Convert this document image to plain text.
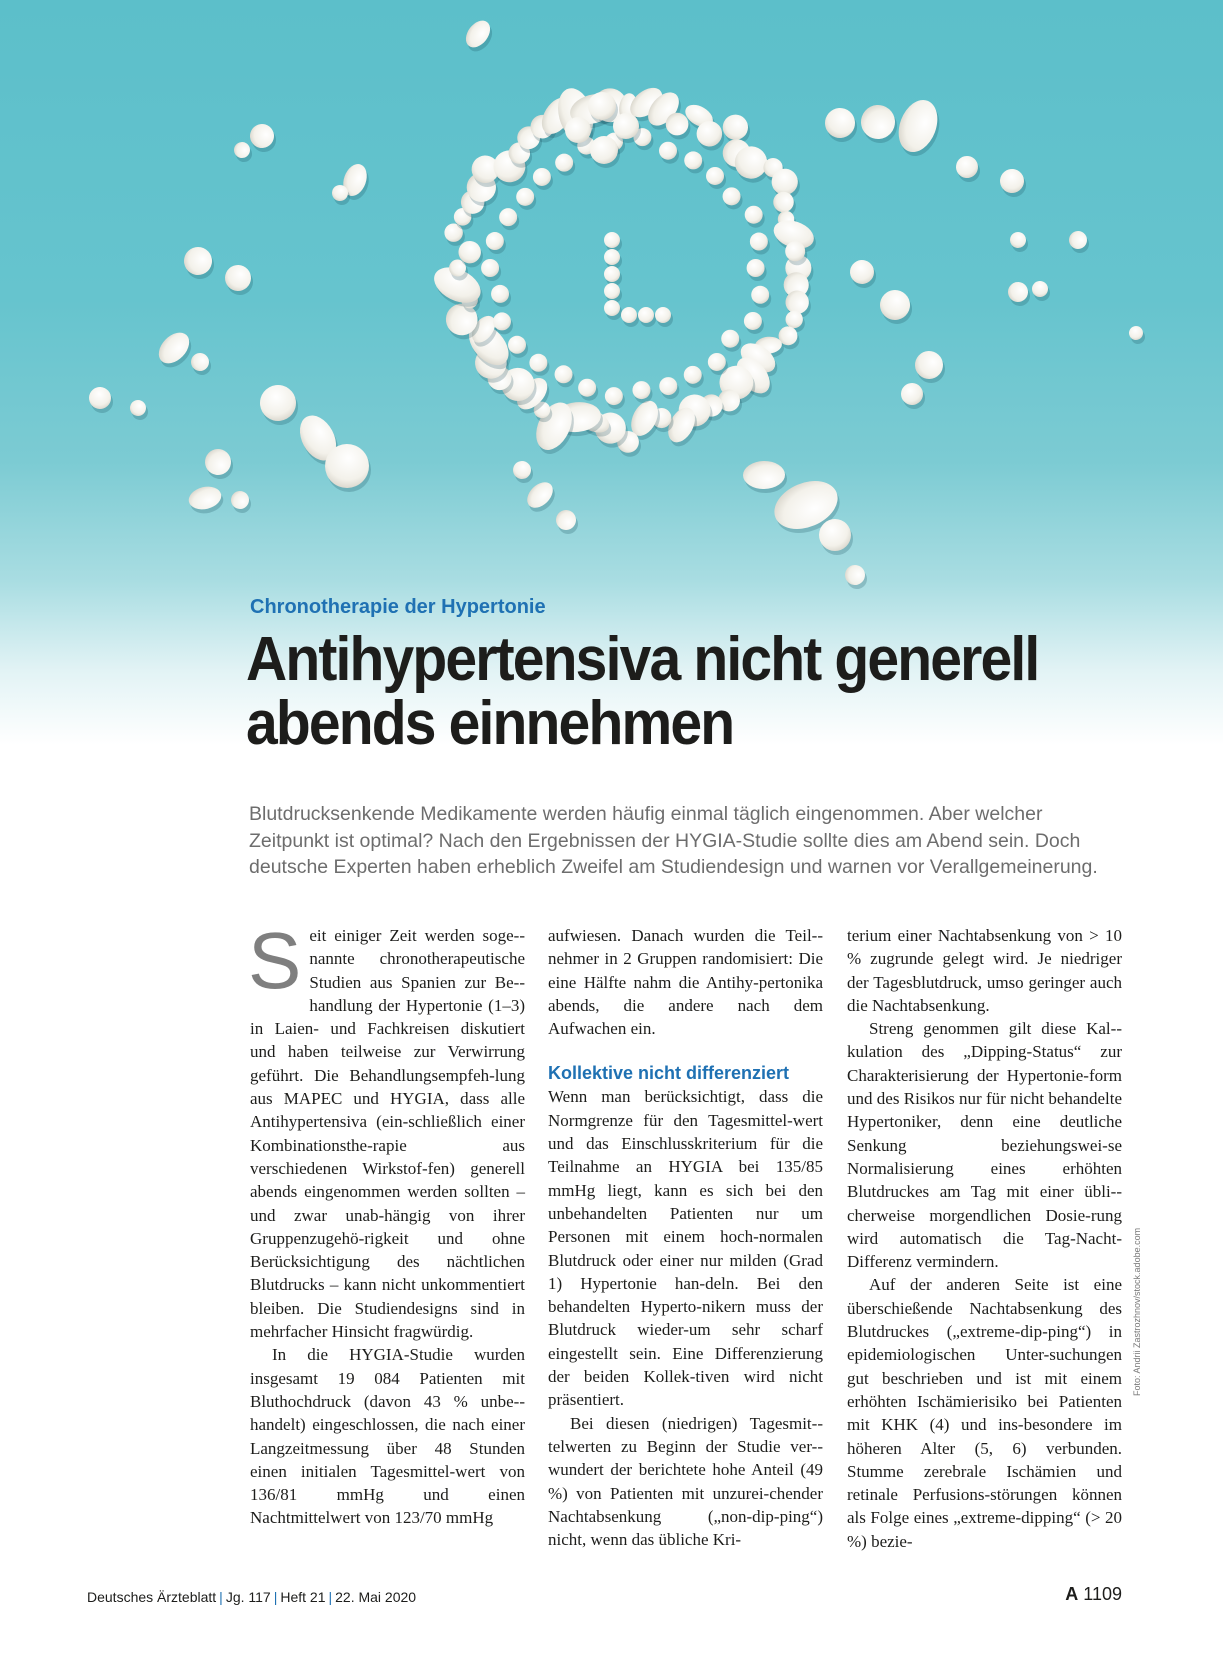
Foto: Andrii Zastrozhnov/stock.adobe.com
Chronotherapie der Hypertonie
Antihypertensiva nicht generell
abends einnehmen
Blutdrucksenkende Medikamente werden häufig einmal täglich eingenommen. Aber welcher
Zeitpunkt ist optimal? Nach den Ergebnissen der HYGIA-Studie sollte dies am Abend sein. Doch
deutsche Experten haben erheblich Zweifel am Studiendesign und warnen vor Verallgemeinerung.

Seit einiger Zeit werden soge-nannte chronotherapeutische Studien aus Spanien zur Be-handlung der Hypertonie (1–3) in Laien- und Fachkreisen diskutiert und haben teilweise zur Verwirrung geführt. Die Behandlungsempfeh-lung aus MAPEC und HYGIA, dass alle Antihypertensiva (ein-schließlich einer Kombinationsthe-rapie aus verschiedenen Wirkstof-fen) generell abends eingenommen werden sollten – und zwar unab-hängig von ihrer Gruppenzugehö-rigkeit und ohne Berücksichtigung des nächtlichen Blutdrucks – kann nicht unkommentiert bleiben. Die Studiendesigns sind in mehrfacher Hinsicht fragwürdig.

In die HYGIA-Studie wurden insgesamt 19 084 Patienten mit Bluthochdruck (davon 43 % unbe-handelt) eingeschlossen, die nach einer Langzeitmessung über 48 Stunden einen initialen Tagesmittel-wert von 136/81 mmHg und einen Nachtmittelwert von 123/70 mmHg

aufwiesen. Danach wurden die Teil-nehmer in 2 Gruppen randomisiert: Die eine Hälfte nahm die Antihy-pertonika abends, die andere nach dem Aufwachen ein.

Kollektive nicht differenziert

Wenn man berücksichtigt, dass die Normgrenze für den Tagesmittel-wert und das Einschlusskriterium für die Teilnahme an HYGIA bei 135/85 mmHg liegt, kann es sich bei den unbehandelten Patienten nur um Personen mit einem hoch-normalen Blutdruck oder einer nur milden (Grad 1) Hypertonie han-deln. Bei den behandelten Hyperto-nikern muss der Blutdruck wieder-um sehr scharf eingestellt sein. Eine Differenzierung der beiden Kollek-tiven wird nicht präsentiert.

Bei diesen (niedrigen) Tagesmit-telwerten zu Beginn der Studie ver-wundert der berichtete hohe Anteil (49 %) von Patienten mit unzurei-chender Nachtabsenkung („non-dip-ping“) nicht, wenn das übliche Kri-

terium einer Nachtabsenkung von > 10 % zugrunde gelegt wird. Je niedriger der Tagesblutdruck, umso geringer auch die Nachtabsenkung.

Streng genommen gilt diese Kal-kulation des „Dipping-Status“ zur Charakterisierung der Hypertonie-form und des Risikos nur für nicht behandelte Hypertoniker, denn eine deutliche Senkung beziehungswei-se Normalisierung eines erhöhten Blutdruckes am Tag mit einer übli-cherweise morgendlichen Dosie-rung wird automatisch die Tag-Nacht-Differenz vermindern.

Auf der anderen Seite ist eine überschießende Nachtabsenkung des Blutdruckes („extreme-dip-ping“) in epidemiologischen Unter-suchungen gut beschrieben und ist mit einem erhöhten Ischämierisiko bei Patienten mit KHK (4) und ins-besondere im höheren Alter (5, 6) verbunden. Stumme zerebrale Ischämien und retinale Perfusions-störungen können als Folge eines „extreme-dipping“ (> 20 %) bezie-

Deutsches Ärzteblatt | Jg. 117 | Heft 21 | 22. Mai 2020	A 1109
